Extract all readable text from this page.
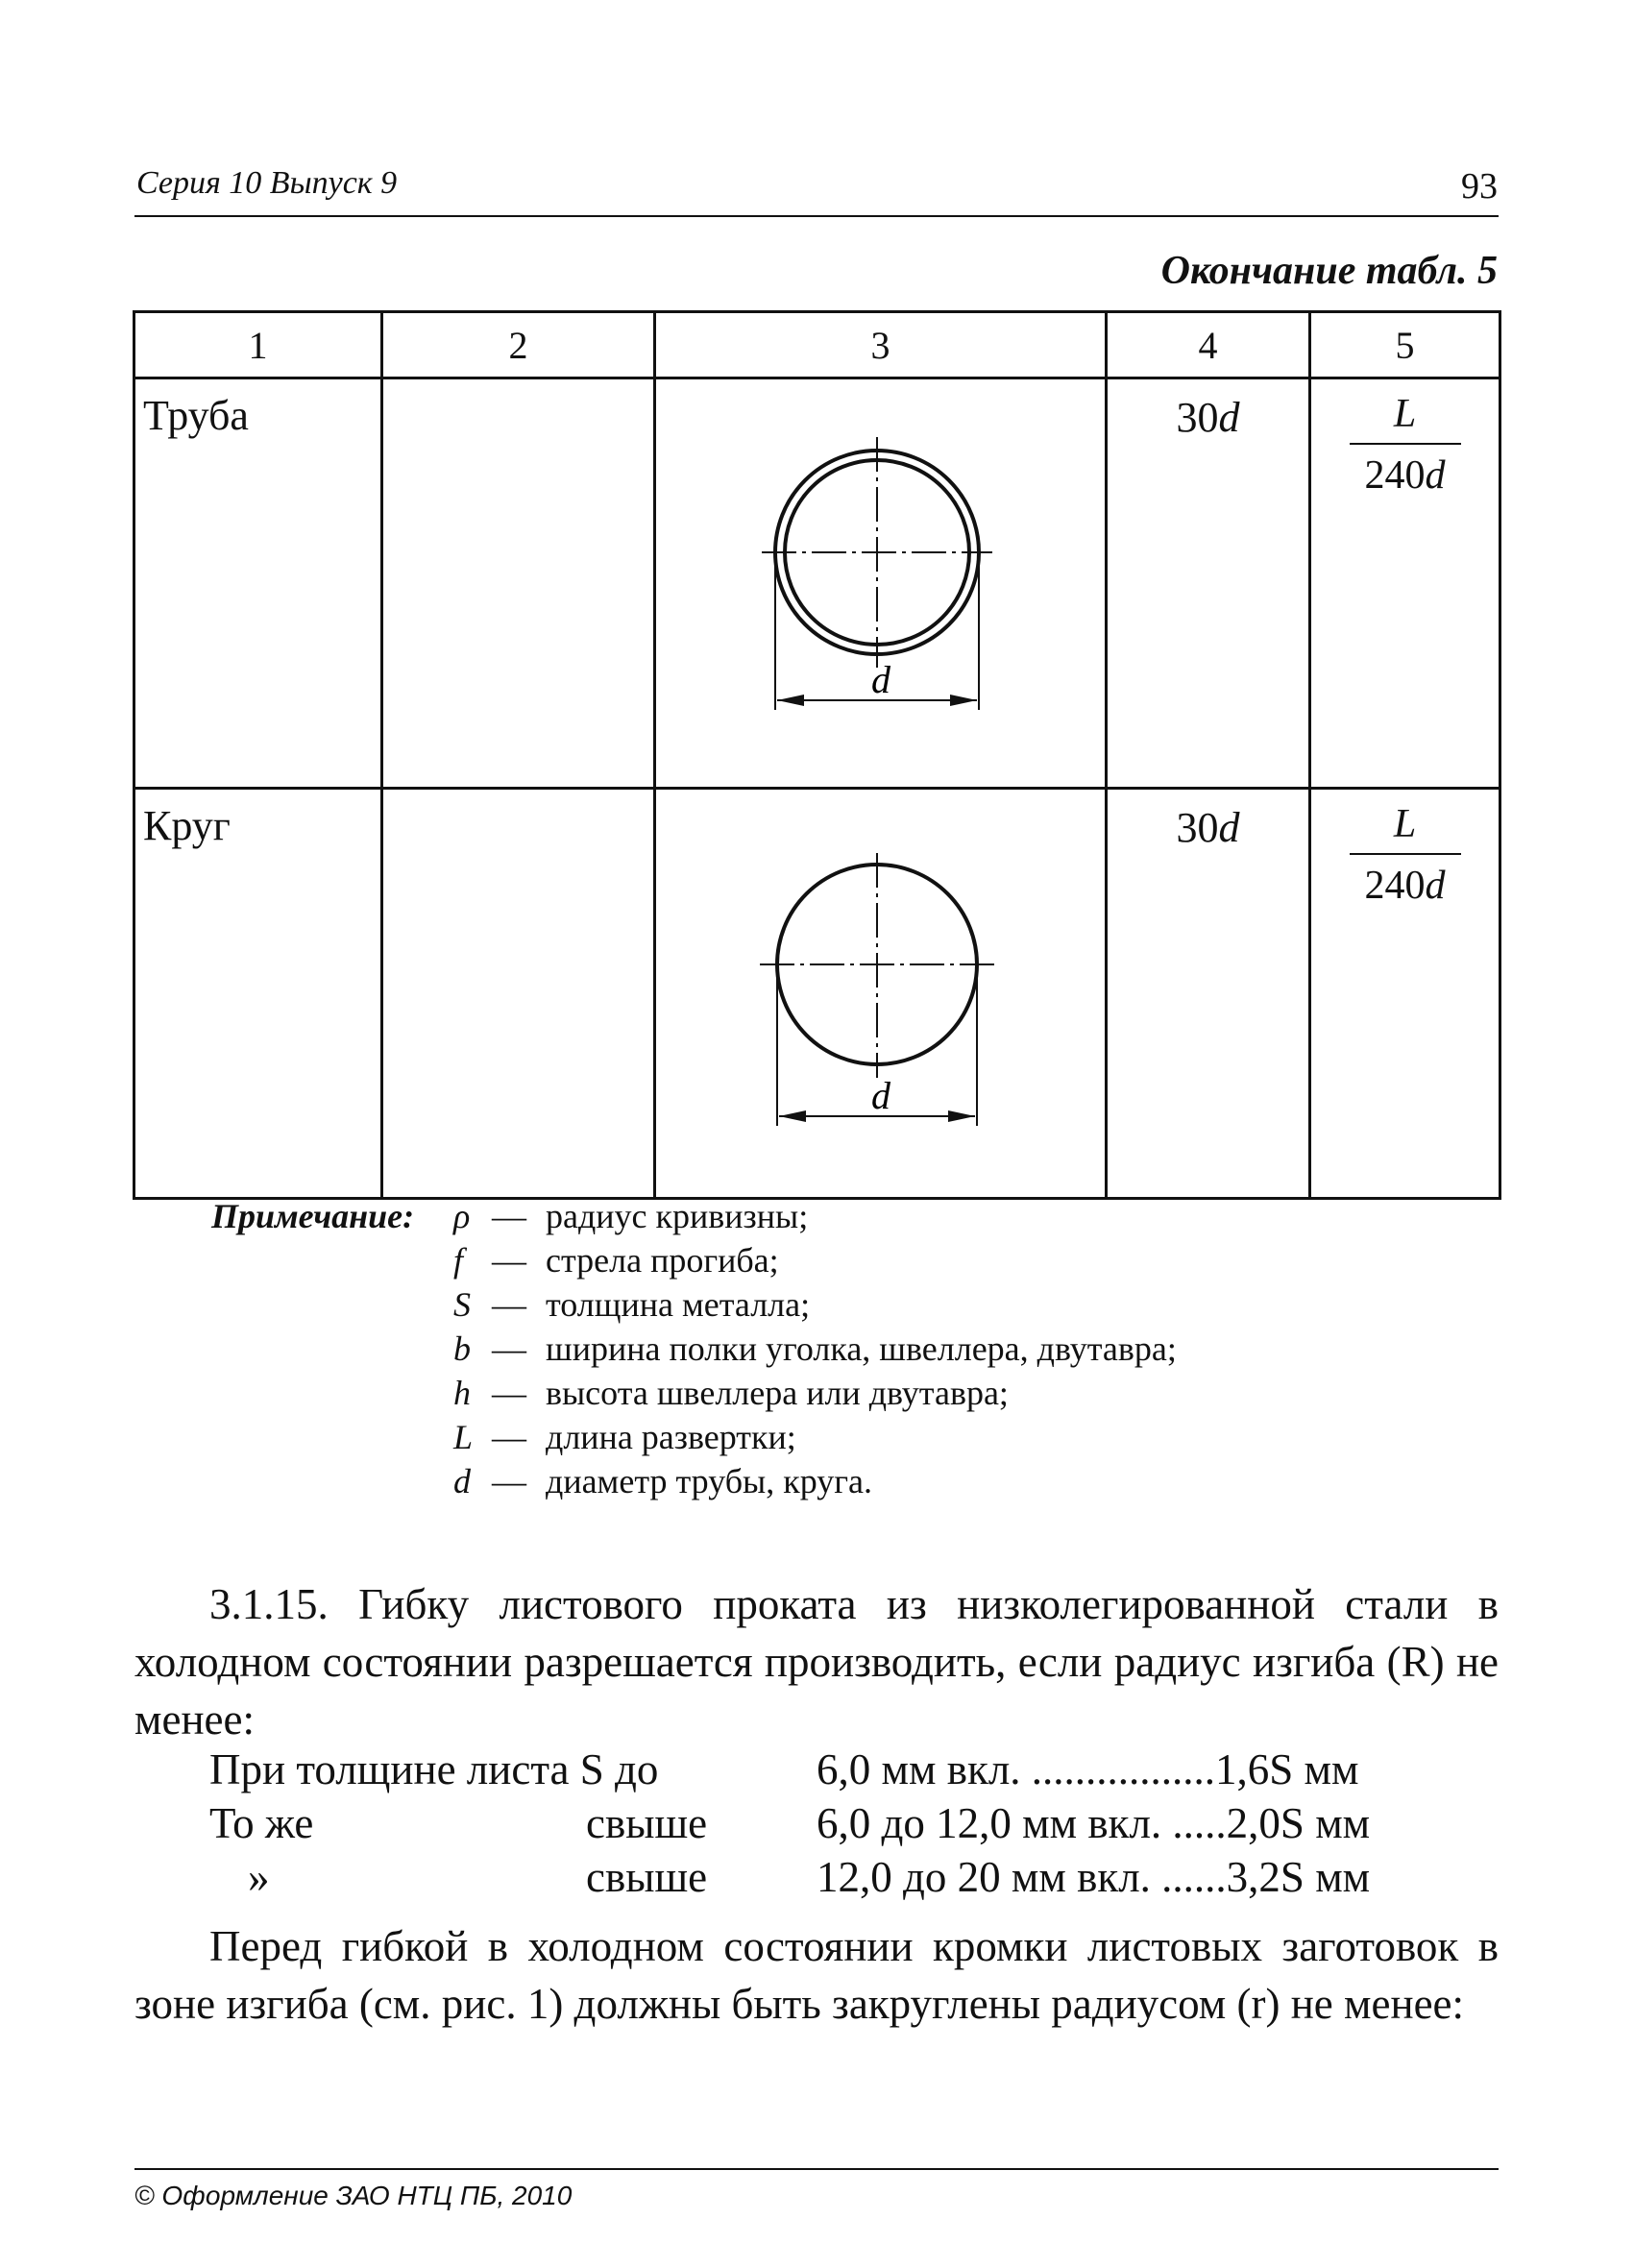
Серия 10 Выпуск 9	93
Окончание табл. 5
1	2	3	4	5
Труба		d	30d	L
240d

Круг		d	30d	L
240d
Примечание: ρ — радиус кривизны;
f — стрела прогиба;
S — толщина металла;
b — ширина полки уголка, швеллера, двутавра;
h — высота швеллера или двутавра;
L — длина развертки;
d — диаметр трубы, круга.
3.1.15. Гибку листового проката из низколегированной стали в холодном состоянии разрешается производить, если радиус изгиба (R) не менее:
При толщине листа S до	6,0 мм вкл. .................1,6S мм
То же	свыше	6,0 до 12,0 мм вкл. .....2,0S мм
»	свыше	12,0 до 20 мм вкл. ......3,2S мм
Перед гибкой в холодном состоянии кромки листовых заготовок в зоне изгиба (см. рис. 1) должны быть закруглены радиусом (r) не менее:
© Оформление ЗАО НТЦ ПБ, 2010
